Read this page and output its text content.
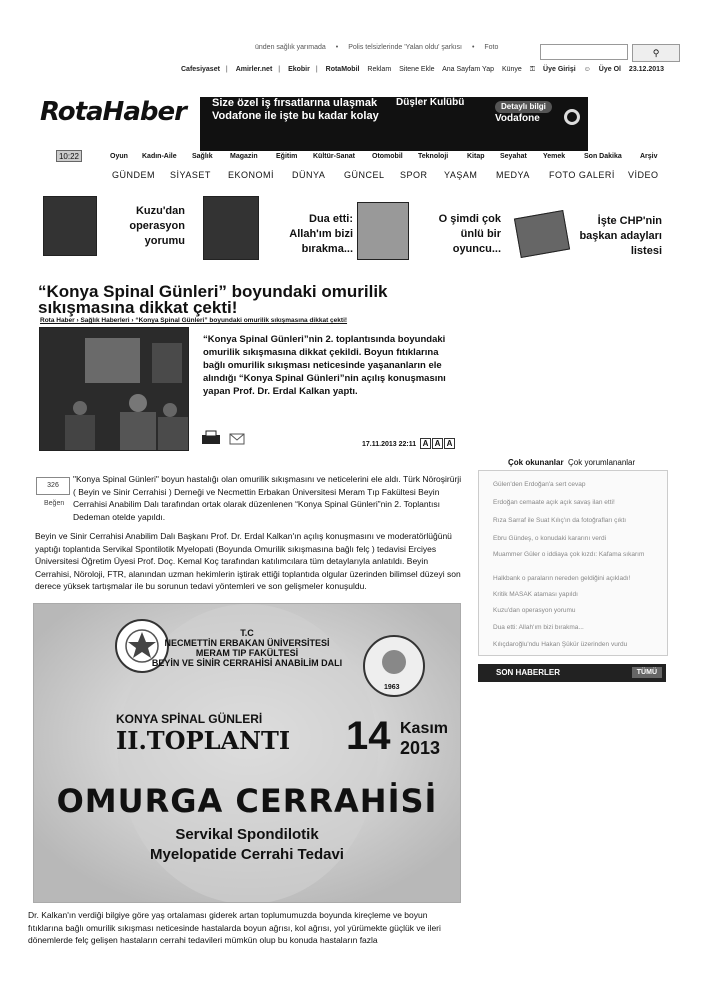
ünden sağlık yarımada • Polis telsizlerinde 'Yalan oldu' şarkısı • Foto
⚲
Cafesiyaset | Amirler.net | Ekobir | RotaMobil Reklam Sitene Ekle Ana Sayfam Yap Künye ⚿ Üye Girişi ☺ Üye Ol 23.12.2013
RotaHaber Size özel iş fırsatlarına ulaşmak
Vodafone ile işte bu kadar kolay
Düşler Kulübü	Detaylı bilgi
Vodafone
10:22	Oyun Kadın-Aile Sağlık Magazin	Eğitim Kültür-Sanat Otomobil Teknoloji	Kitap Seyahat Yemek	Son Dakika	Arşiv
GÜNDEM SİYASET EKONOMİ DÜNYA GÜNCEL SPOR YAŞAM MEDYA FOTO GALERİ VİDEO
Kuzu'dan operasyon yorumu
Dua etti: Allah'ım bizi bırakma...
O şimdi çok ünlü bir oyuncu...
İşte CHP'nin başkan adayları listesi
“Konya Spinal Günleri” boyundaki omurilik sıkışmasına dikkat çekti!
Rota Haber › Sağlık Haberleri › “Konya Spinal Günleri” boyundaki omurilik sıkışmasına dikkat çekti!
“Konya Spinal Günleri”nin 2. toplantısında boyundaki omurilik sıkışmasına dikkat çekildi. Boyun fıtıklarına bağlı omurilik sıkışması neticesinde yaşananların ele alındığı “Konya Spinal Günleri”nin açılış konuşmasını yapan Prof. Dr. Erdal Kalkan yaptı.
17.11.2013 22:11 A A A
326
Beğen
"Konya Spinal Günleri" boyun hastalığı olan omurilik sıkışmasını ve neticelerini ele aldı. Türk Nöroşirürji ( Beyin ve Sinir Cerrahisi ) Derneği ve Necmettin Erbakan Üniversitesi Meram Tıp Fakültesi Beyin Cerrahisi Anabilim Dalı tarafından ortak olarak düzenlenen “Konya Spinal Günleri”nin 2. Toplantısı Dedeman otelde yapıldı.
Beyin ve Sinir Cerrahisi Anabilim Dalı Başkanı Prof. Dr. Erdal Kalkan'ın açılış konuşmasını ve moderatörlüğünü yaptığı toplantıda Servikal Spontilotik Myelopati (Boyunda Omurilik sıkışmasına bağlı felç ) tedavisi Erciyes Üniversitesi Öğretim Üyesi Prof. Doç. Kemal Koç tarafından katılımcılara tüm detaylarıyla anlatıldı. Beyin Cerrahisi, Nöroloji, FTR, alanından uzman hekimlerin iştirak ettiği toplantıda olgular üzerinden bilimsel düzeyi son derece yüksek tartışmalar ile bu sorunun tedavi yöntemleri ve son gelişmeler konuşuldu.
Çok okunanlar Çok yorumlananlar
Gülen'den Erdoğan'a sert cevap
Erdoğan cemaate açık açık savaş ilan etti!
Rıza Sarraf ile Suat Kılıç'ın da fotoğrafları çıktı
Ebru Gündeş, o konudaki kararını verdi
Muammer Güler o iddiaya çok kızdı: Kafama sıkarım
Halkbank o paraların nereden geldiğini açıkladı!
Kritik MASAK ataması yapıldı
Kuzu'dan operasyon yorumu
Dua etti: Allah'ım bizi bırakma...
Kılıçdaroğlu'ndu Hakan Şükür üzerinden vurdu
SON HABERLER	TÜMÜ
T.C
NECMETTİN ERBAKAN ÜNİVERSİTESİ
MERAM TIP FAKÜLTESİ
BEYİN VE SİNİR CERRAHİSİ ANABİLİM DALI
1963
KONYA SPİNAL GÜNLERİ
II.TOPLANTI 14 Kasım
2013
OMURGA CERRAHİSİ
Servikal Spondilotik
Myelopatide Cerrahi Tedavi
Dr. Kalkan'ın verdiği bilgiye göre yaş ortalaması giderek artan toplumumuzda boyunda kireçleme ve boyun fıtıklarına bağlı omurilik sıkışması neticesinde hastalarda boyun ağrısı, kol ağrısı, yol yürümekte güçlük ve ileri dönemlerde felç gelişen hastaların cerrahi tedavileri mümkün olup bu konuda hastaların fazla
